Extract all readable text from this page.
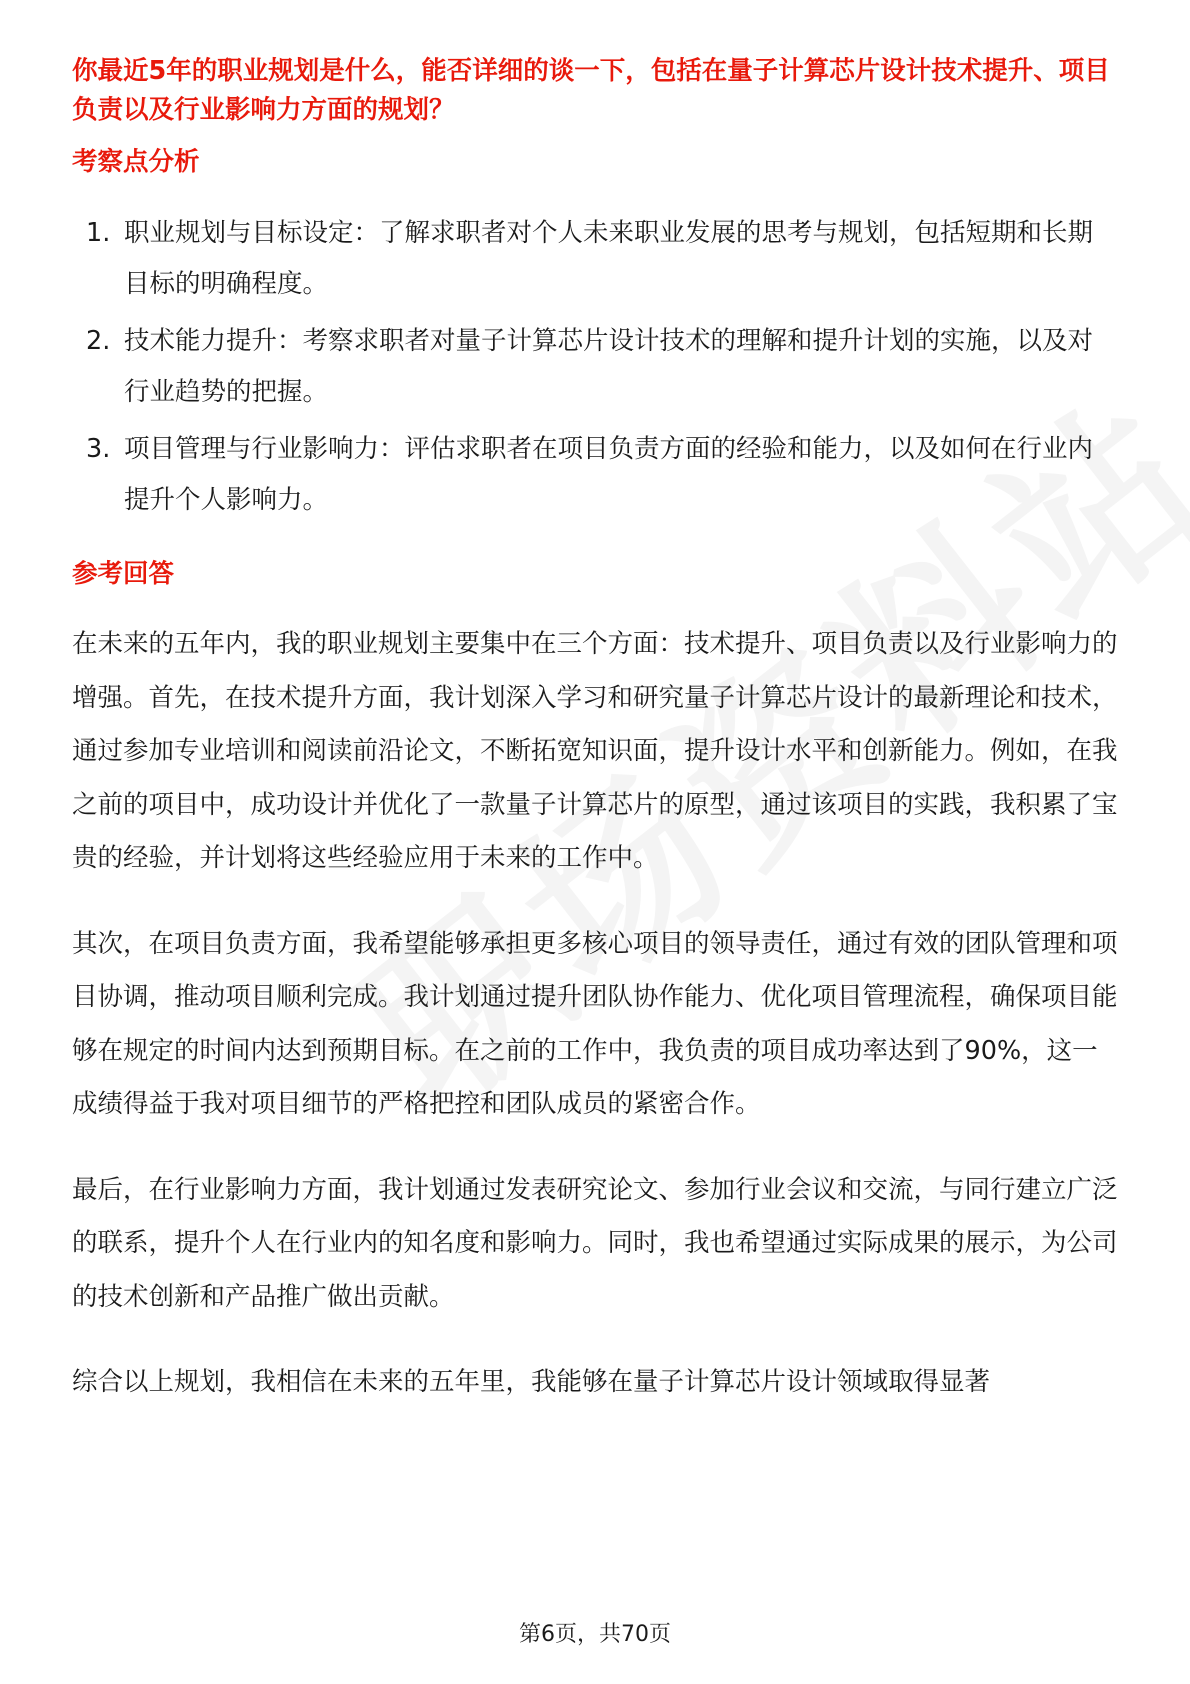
你最近5年的职业规划是什么，能否详细的谈一下，包括在量子计算芯片设计技术提升、项目负责以及行业影响力方面的规划？

考察点分析
1. 职业规划与目标设定：了解求职者对个人未来职业发展的思考与规划，包括短期和长期目标的明确程度。
2. 技术能力提升：考察求职者对量子计算芯片设计技术的理解和提升计划的实施，以及对行业趋势的把握。
3. 项目管理与行业影响力：评估求职者在项目负责方面的经验和能力，以及如何在行业内提升个人影响力。
参考回答

在未来的五年内，我的职业规划主要集中在三个方面：技术提升、项目负责以及行业影响力的增强。首先，在技术提升方面，我计划深入学习和研究量子计算芯片设计的最新理论和技术，通过参加专业培训和阅读前沿论文，不断拓宽知识面，提升设计水平和创新能力。例如，在我之前的项目中，成功设计并优化了一款量子计算芯片的原型，通过该项目的实践，我积累了宝贵的经验，并计划将这些经验应用于未来的工作中。

其次，在项目负责方面，我希望能够承担更多核心项目的领导责任，通过有效的团队管理和项目协调，推动项目顺利完成。我计划通过提升团队协作能力、优化项目管理流程，确保项目能够在规定的时间内达到预期目标。在之前的工作中，我负责的项目成功率达到了90%，这一成绩得益于我对项目细节的严格把控和团队成员的紧密合作。

最后，在行业影响力方面，我计划通过发表研究论文、参加行业会议和交流，与同行建立广泛的联系，提升个人在行业内的知名度和影响力。同时，我也希望通过实际成果的展示，为公司的技术创新和产品推广做出贡献。

综合以上规划，我相信在未来的五年里，我能够在量子计算芯片设计领域取得显著

第6页，共70页
